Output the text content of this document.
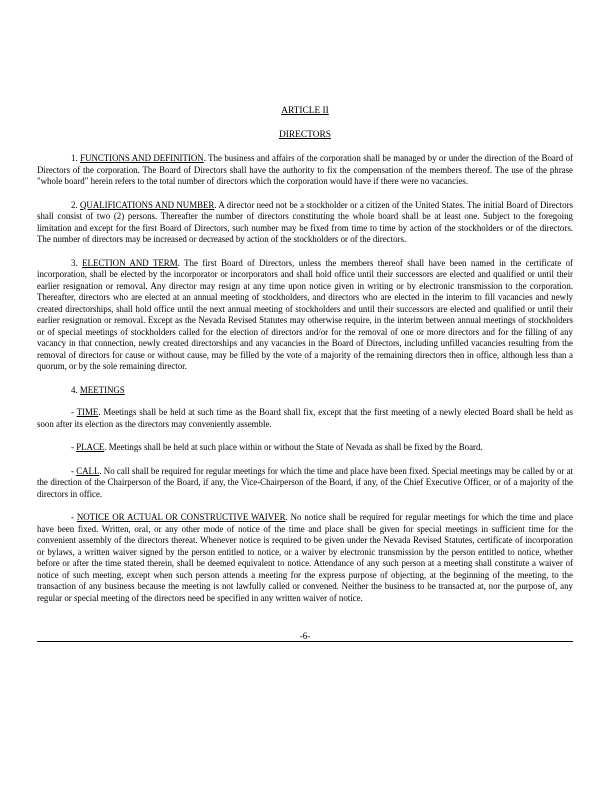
ARTICLE II

DIRECTORS

1. FUNCTIONS AND DEFINITION. The business and affairs of the corporation shall be managed by or under the direction of the Board of Directors of the corporation. The Board of Directors shall have the authority to fix the compensation of the members thereof. The use of the phrase "whole board" herein refers to the total number of directors which the corporation would have if there were no vacancies.

2. QUALIFICATIONS AND NUMBER. A director need not be a stockholder or a citizen of the United States. The initial Board of Directors shall consist of two (2) persons. Thereafter the number of directors constituting the whole board shall be at least one. Subject to the foregoing limitation and except for the first Board of Directors, such number may be fixed from time to time by action of the stockholders or of the directors. The number of directors may be increased or decreased by action of the stockholders or of the directors.

3. ELECTION AND TERM. The first Board of Directors, unless the members thereof shall have been named in the certificate of incorporation, shall be elected by the incorporator or incorporators and shall hold office until their successors are elected and qualified or until their earlier resignation or removal. Any director may resign at any time upon notice given in writing or by electronic transmission to the corporation. Thereafter, directors who are elected at an annual meeting of stockholders, and directors who are elected in the interim to fill vacancies and newly created directorships, shall hold office until the next annual meeting of stockholders and until their successors are elected and qualified or until their earlier resignation or removal. Except as the Nevada Revised Statutes may otherwise require, in the interim between annual meetings of stockholders or of special meetings of stockholders called for the election of directors and/or for the removal of one or more directors and for the filling of any vacancy in that connection, newly created directorships and any vacancies in the Board of Directors, including unfilled vacancies resulting from the removal of directors for cause or without cause, may be filled by the vote of a majority of the remaining directors then in office, although less than a quorum, or by the sole remaining director.

4. MEETINGS

- TIME. Meetings shall be held at such time as the Board shall fix, except that the first meeting of a newly elected Board shall be held as soon after its election as the directors may conveniently assemble.

- PLACE. Meetings shall be held at such place within or without the State of Nevada as shall be fixed by the Board.

- CALL. No call shall be required for regular meetings for which the time and place have been fixed. Special meetings may be called by or at the direction of the Chairperson of the Board, if any, the Vice-Chairperson of the Board, if any, of the Chief Executive Officer, or of a majority of the directors in office.

- NOTICE OR ACTUAL OR CONSTRUCTIVE WAIVER. No notice shall be required for regular meetings for which the time and place have been fixed. Written, oral, or any other mode of notice of the time and place shall be given for special meetings in sufficient time for the convenient assembly of the directors thereat. Whenever notice is required to be given under the Nevada Revised Statutes, certificate of incorporation or bylaws, a written waiver signed by the person entitled to notice, or a waiver by electronic transmission by the person entitled to notice, whether before or after the time stated therein, shall be deemed equivalent to notice. Attendance of any such person at a meeting shall constitute a waiver of notice of such meeting, except when such person attends a meeting for the express purpose of objecting, at the beginning of the meeting, to the transaction of any business because the meeting is not lawfully called or convened. Neither the business to be transacted at, nor the purpose of, any regular or special meeting of the directors need be specified in any written waiver of notice.

-6-
